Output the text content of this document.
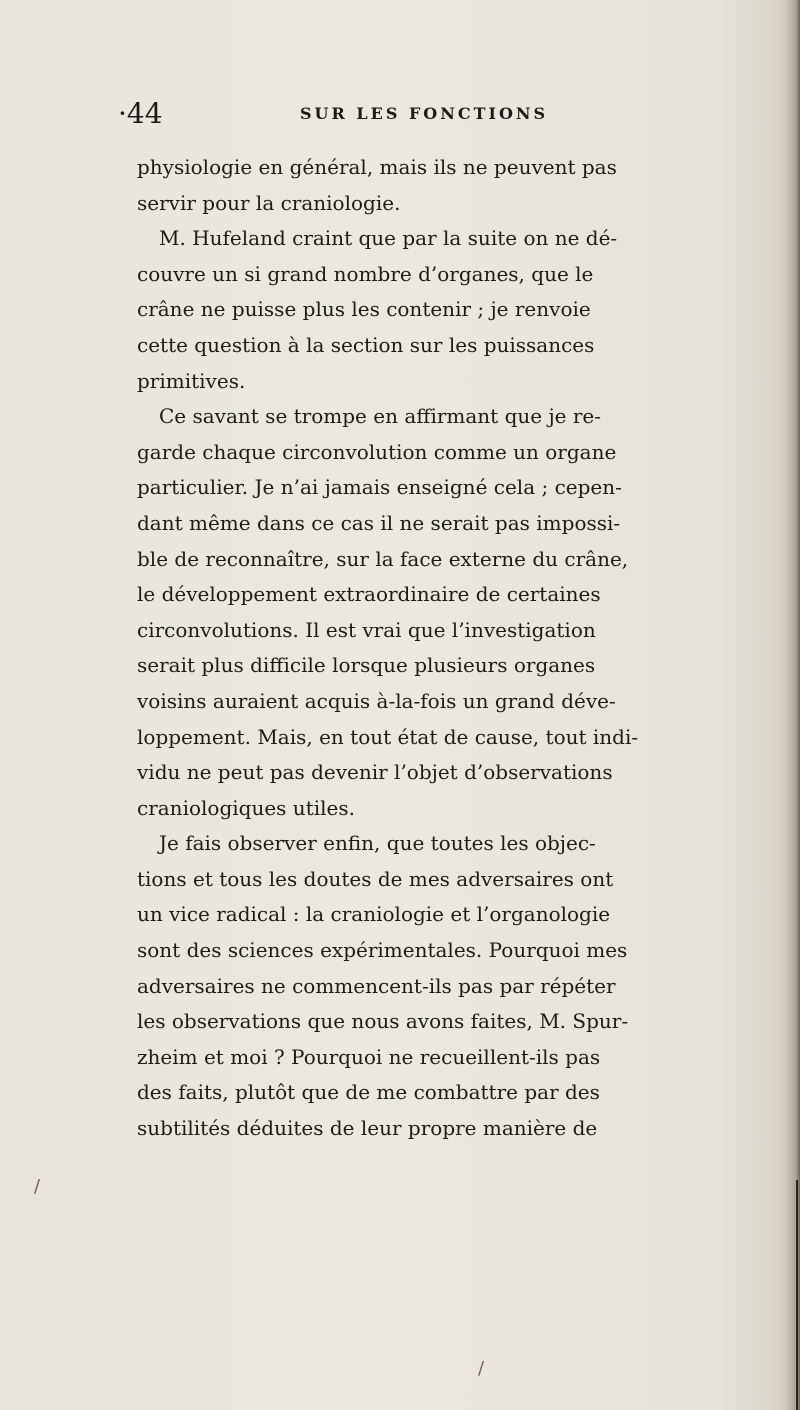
·44	SUR LES FONCTIONS
physiologie en général, mais ils ne peuvent pas
servir pour la craniologie.
M. Hufeland craint que par la suite on ne dé-
couvre un si grand nombre d’organes, que le
crâne ne puisse plus les contenir ; je renvoie
cette question à la section sur les puissances
primitives.
Ce savant se trompe en affirmant que je re-
garde chaque circonvolution comme un organe
particulier. Je n’ai jamais enseigné cela ; cepen-
dant même dans ce cas il ne serait pas impossi-
ble de reconnaître, sur la face externe du crâne,
le développement extraordinaire de certaines
circonvolutions. Il est vrai que l’investigation
serait plus difficile lorsque plusieurs organes
voisins auraient acquis à-la-fois un grand déve-
loppement. Mais, en tout état de cause, tout indi-
vidu ne peut pas devenir l’objet d’observations
craniologiques utiles.
Je fais observer enfin, que toutes les objec-
tions et tous les doutes de mes adversaires ont
un vice radical : la craniologie et l’organologie
sont des sciences expérimentales. Pourquoi mes
adversaires ne commencent-ils pas par répéter
les observations que nous avons faites, M. Spur-
zheim et moi ? Pourquoi ne recueillent-ils pas
des faits, plutôt que de me combattre par des
subtilités déduites de leur propre manière de
/
/
